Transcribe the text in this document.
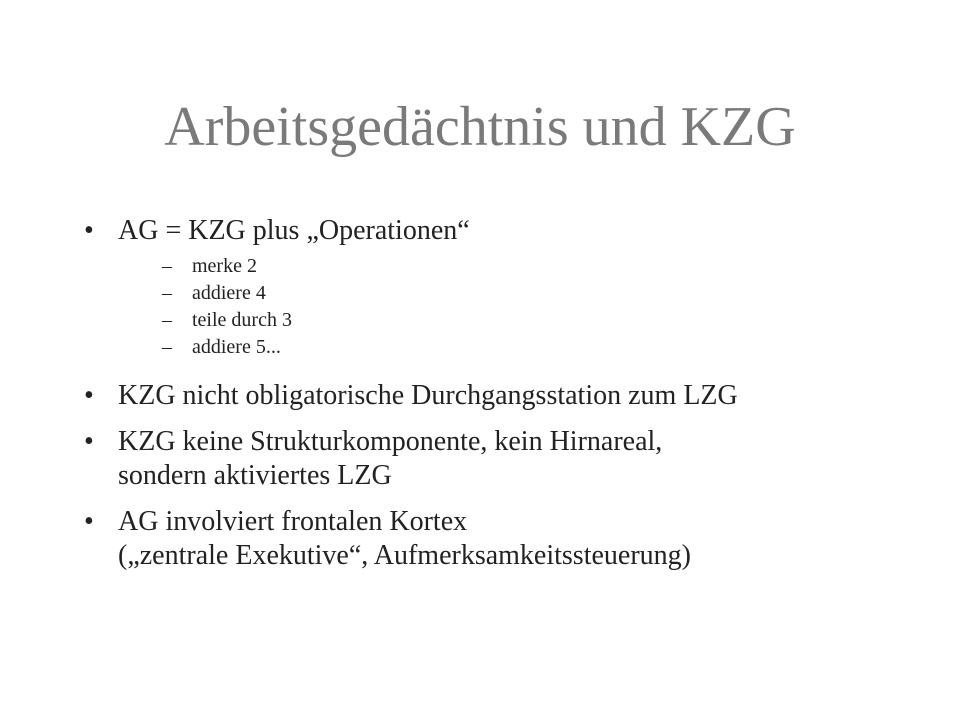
Arbeitsgedächtnis und KZG
• AG = KZG plus „Operationen“
– merke 2
– addiere 4
– teile durch 3
– addiere 5...
• KZG nicht obligatorische Durchgangsstation zum LZG
• KZG keine Strukturkomponente, kein Hirnareal,
sondern aktiviertes LZG
• AG involviert frontalen Kortex
(„zentrale Exekutive“, Aufmerksamkeitssteuerung)
